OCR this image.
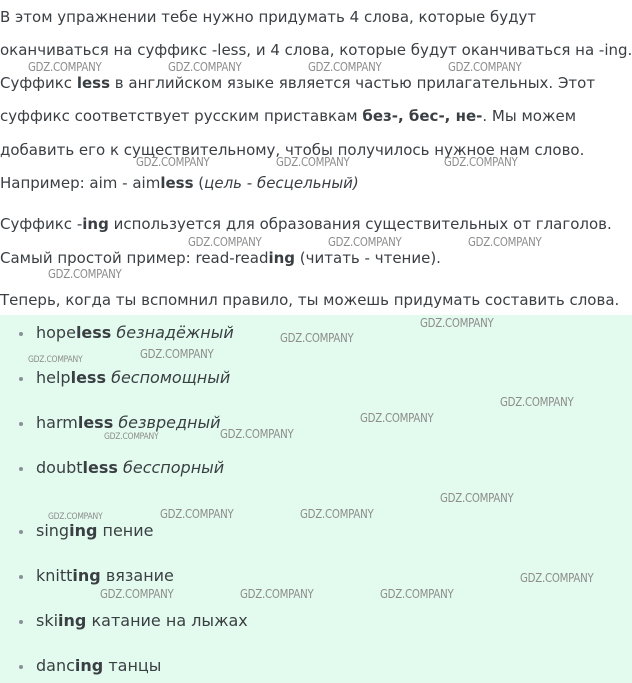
В этом упражнении тебе нужно придумать 4 слова, которые будут

оканчиваться на суффикс -less, и 4 слова, которые будут оканчиваться на -ing.

Суффикс less в английском языке является частью прилагательных. Этот

суффикс соответствует русским приставкам без-, бес-, не-. Мы можем

добавить его к существительному, чтобы получилось нужное нам слово.

Например: aim - aimless (цель - бесцельный)

Суффикс -ing используется для образования существительных от глаголов.

Самый простой пример: read-reading (читать - чтение).

Теперь, когда ты вспомнил правило, ты можешь придумать составить слова.

hopeless безнадёжный
helpless беспомощный
harmless безвредный
doubtless бесспорный
singing пение
knitting вязание
skiing катание на лыжах
dancing танцы
GDZ.COMPANY	GDZ.COMPANY	GDZ.COMPANY	GDZ.COMPANY
GDZ.COMPANY	GDZ.COMPANY	GDZ.COMPANY
GDZ.COMPANY	GDZ.COMPANY	GDZ.COMPANY
GDZ.COMPANY
GDZ.COMPANY
GDZ.COMPANY
GDZ.COMPANY
GDZ.COMPANY
GDZ.COMPANY
GDZ.COMPANY
GDZ.COMPANY
GDZ.COMPANY
GDZ.COMPANY
GDZ.COMPANY	GDZ.COMPANY
GDZ.COMPANY
GDZ.COMPANY
GDZ.COMPANY	GDZ.COMPANY	GDZ.COMPANY
